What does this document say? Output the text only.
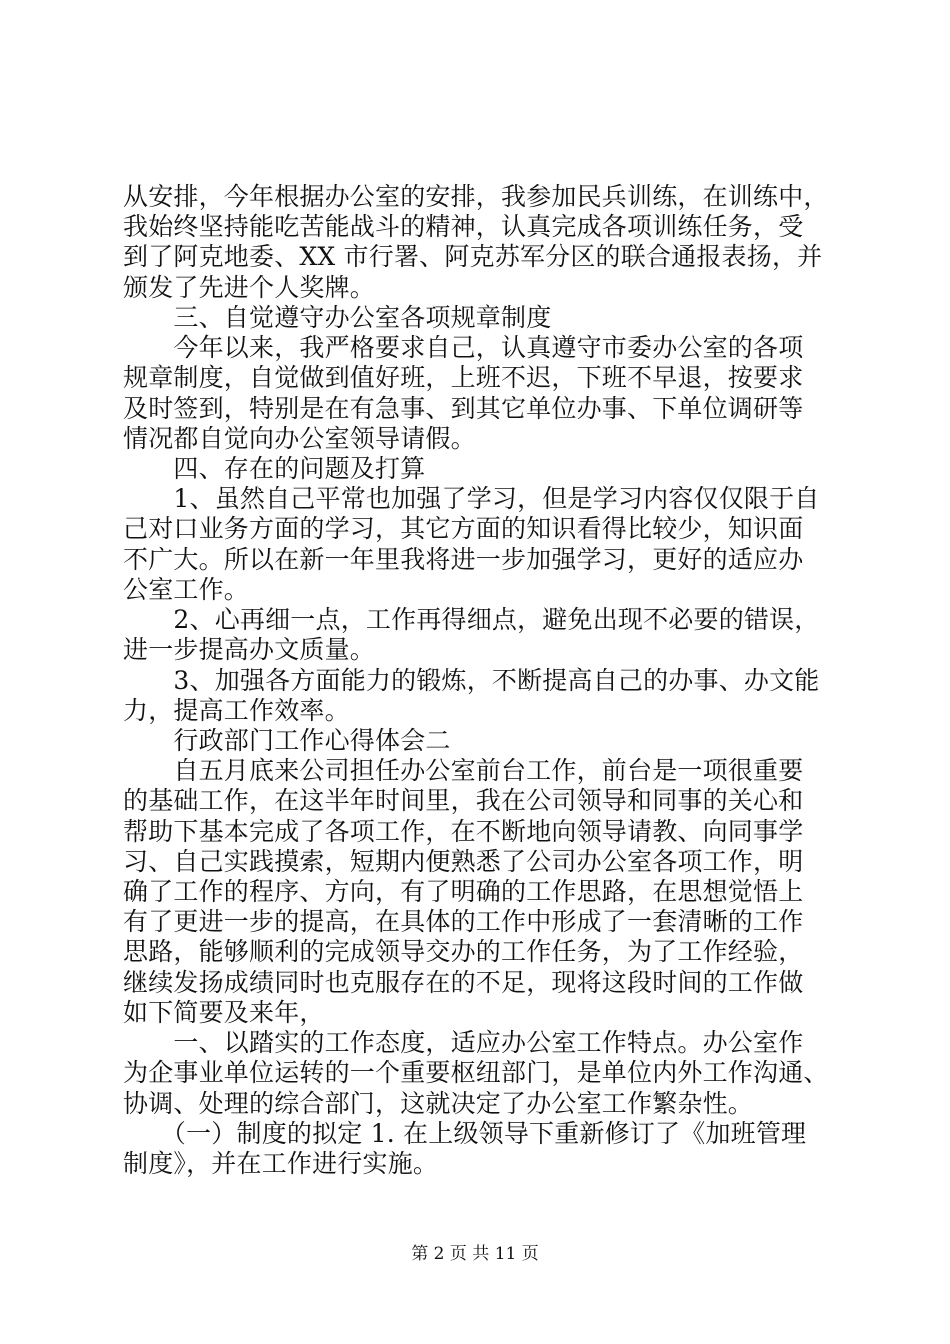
从安排，今年根据办公室的安排，我参加民兵训练，在训练中，
我始终坚持能吃苦能战斗的精神，认真完成各项训练任务，受
到了阿克地委、XX 市行署、阿克苏军分区的联合通报表扬，并
颁发了先进个人奖牌。
　　三、自觉遵守办公室各项规章制度
　　今年以来，我严格要求自己，认真遵守市委办公室的各项
规章制度，自觉做到值好班，上班不迟，下班不早退，按要求
及时签到，特别是在有急事、到其它单位办事、下单位调研等
情况都自觉向办公室领导请假。
　　四、存在的问题及打算
　　1、虽然自己平常也加强了学习，但是学习内容仅仅限于自
己对口业务方面的学习，其它方面的知识看得比较少，知识面
不广大。所以在新一年里我将进一步加强学习，更好的适应办
公室工作。
　　2、心再细一点，工作再得细点，避免出现不必要的错误，
进一步提高办文质量。
　　3、加强各方面能力的锻炼，不断提高自己的办事、办文能
力，提高工作效率。
　　行政部门工作心得体会二
　　自五月底来公司担任办公室前台工作，前台是一项很重要
的基础工作，在这半年时间里，我在公司领导和同事的关心和
帮助下基本完成了各项工作，在不断地向领导请教、向同事学
习、自己实践摸索，短期内便熟悉了公司办公室各项工作，明
确了工作的程序、方向，有了明确的工作思路，在思想觉悟上
有了更进一步的提高，在具体的工作中形成了一套清晰的工作
思路，能够顺利的完成领导交办的工作任务，为了工作经验，
继续发扬成绩同时也克服存在的不足，现将这段时间的工作做
如下简要及来年，
　　一、以踏实的工作态度，适应办公室工作特点。办公室作
为企事业单位运转的一个重要枢纽部门，是单位内外工作沟通、
协调、处理的综合部门，这就决定了办公室工作繁杂性。
　　（一）制度的拟定 1. 在上级领导下重新修订了《加班管理
制度》，并在工作进行实施。
第 2 页 共 11 页
